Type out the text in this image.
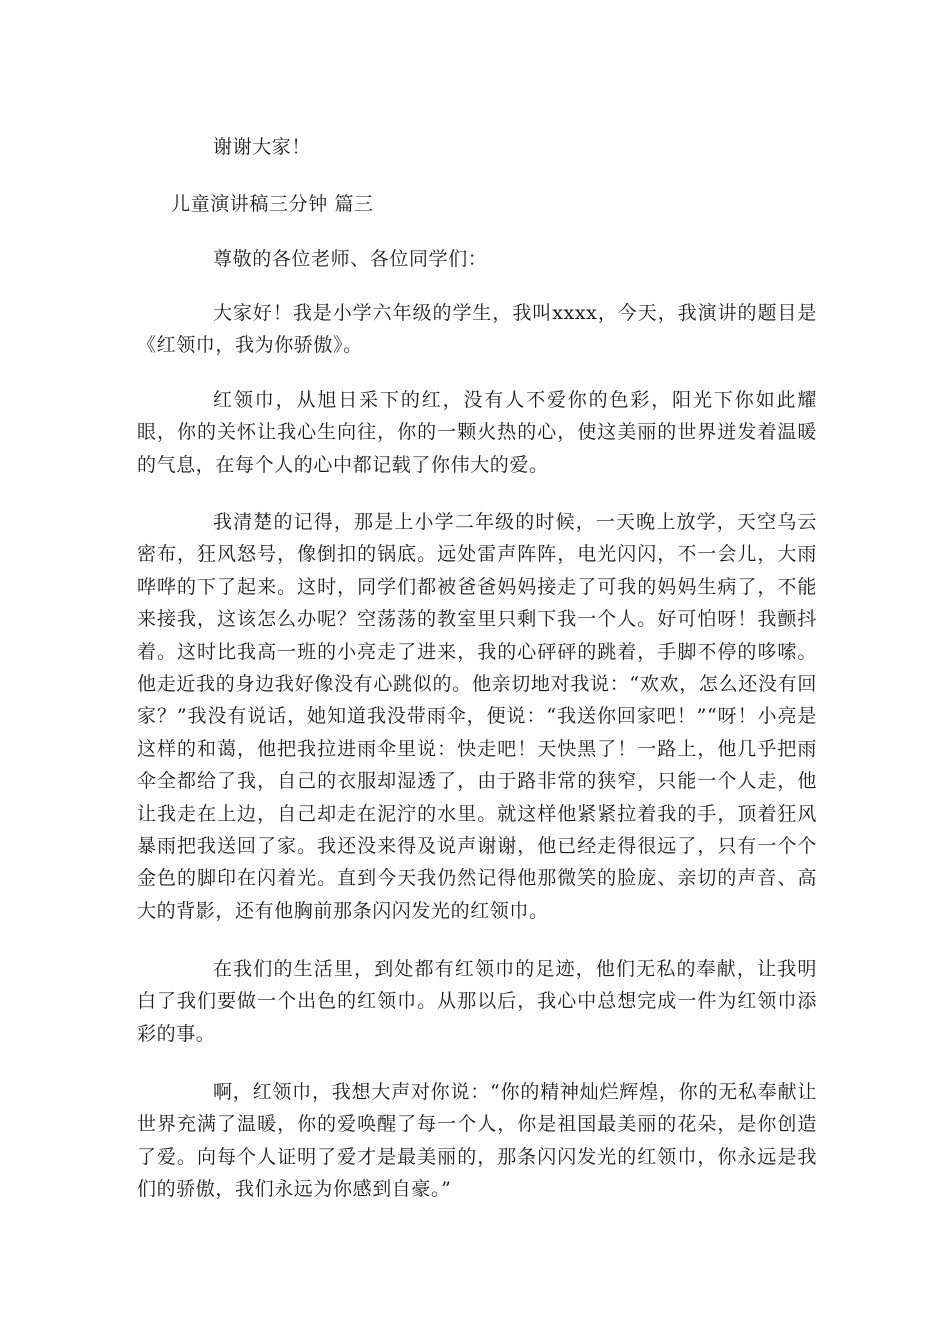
谢谢大家！

儿童演讲稿三分钟 篇三

尊敬的各位老师、各位同学们：

大家好！我是小学六年级的学生，我叫xxxx，今天，我演讲的题目是《红领巾，我为你骄傲》。

红领巾，从旭日采下的红，没有人不爱你的色彩，阳光下你如此耀眼，你的关怀让我心生向往，你的一颗火热的心，使这美丽的世界迸发着温暖的气息，在每个人的心中都记载了你伟大的爱。

我清楚的记得，那是上小学二年级的时候，一天晚上放学，天空乌云密布，狂风怒号，像倒扣的锅底。远处雷声阵阵，电光闪闪，不一会儿，大雨哗哗的下了起来。这时，同学们都被爸爸妈妈接走了可我的妈妈生病了，不能来接我，这该怎么办呢？空荡荡的教室里只剩下我一个人。好可怕呀！我颤抖着。这时比我高一班的小亮走了进来，我的心砰砰的跳着，手脚不停的哆嗦。他走近我的身边我好像没有心跳似的。他亲切地对我说：“欢欢，怎么还没有回家？”我没有说话，她知道我没带雨伞，便说：“我送你回家吧！”“呀！小亮是这样的和蔼，他把我拉进雨伞里说：快走吧！天快黑了！一路上，他几乎把雨伞全都给了我，自己的衣服却湿透了，由于路非常的狭窄，只能一个人走，他让我走在上边，自己却走在泥泞的水里。就这样他紧紧拉着我的手，顶着狂风暴雨把我送回了家。我还没来得及说声谢谢，他已经走得很远了，只有一个个金色的脚印在闪着光。直到今天我仍然记得他那微笑的脸庞、亲切的声音、高大的背影，还有他胸前那条闪闪发光的红领巾。

在我们的生活里，到处都有红领巾的足迹，他们无私的奉献，让我明白了我们要做一个出色的红领巾。从那以后，我心中总想完成一件为红领巾添彩的事。

啊，红领巾，我想大声对你说：“你的精神灿烂辉煌，你的无私奉献让世界充满了温暖，你的爱唤醒了每一个人，你是祖国最美丽的花朵，是你创造了爱。向每个人证明了爱才是最美丽的，那条闪闪发光的红领巾，你永远是我们的骄傲，我们永远为你感到自豪。”
